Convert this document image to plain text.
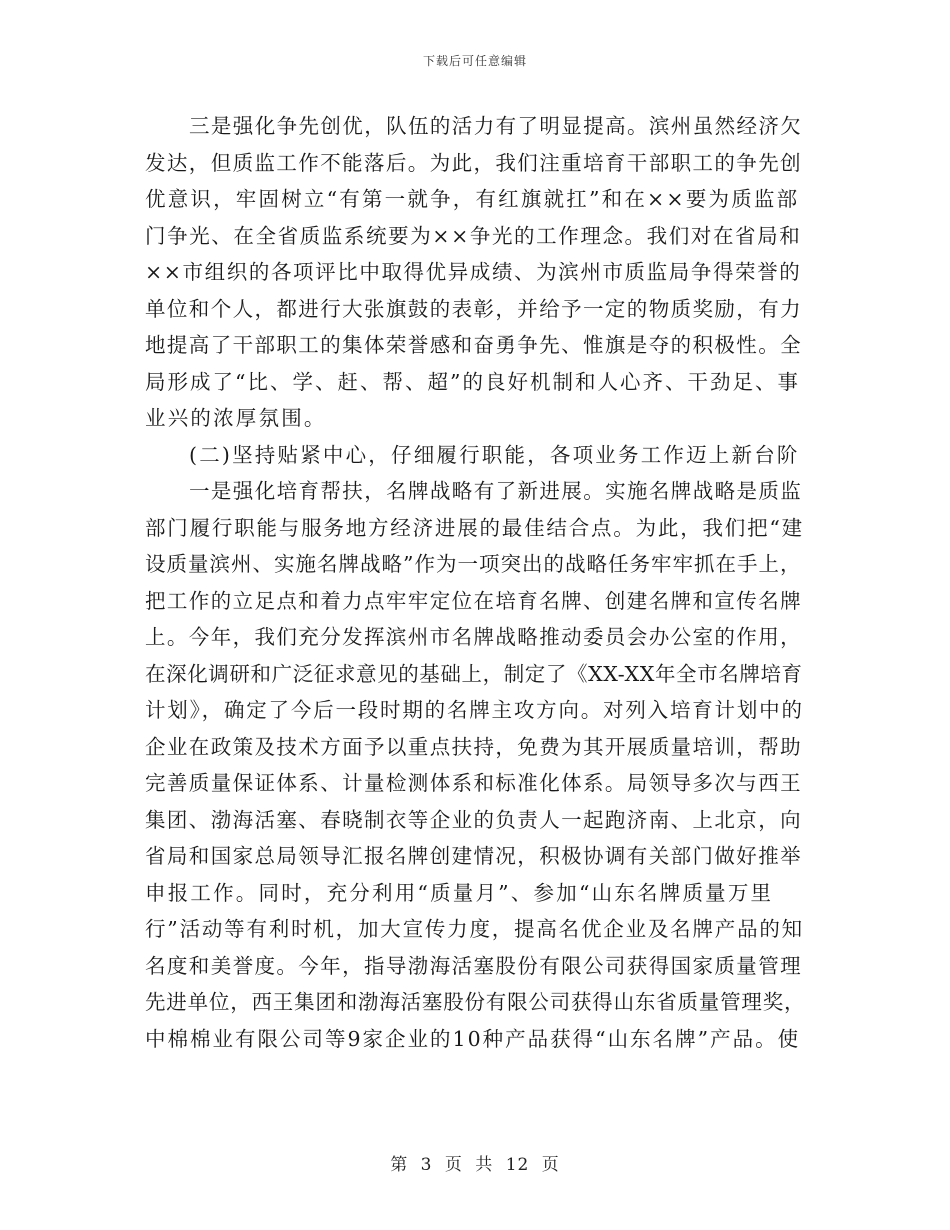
下载后可任意编辑
三是强化争先创优，队伍的活力有了明显提高。滨州虽然经济欠
发达，但质监工作不能落后。为此，我们注重培育干部职工的争先创
优意识，牢固树立“有第一就争，有红旗就扛”和在××要为质监部
门争光、在全省质监系统要为××争光的工作理念。我们对在省局和
××市组织的各项评比中取得优异成绩、为滨州市质监局争得荣誉的
单位和个人，都进行大张旗鼓的表彰，并给予一定的物质奖励，有力
地提高了干部职工的集体荣誉感和奋勇争先、惟旗是夺的积极性。全
局形成了“比、学、赶、帮、超”的良好机制和人心齐、干劲足、事
业兴的浓厚氛围。
(二)坚持贴紧中心，仔细履行职能，各项业务工作迈上新台阶
一是强化培育帮扶，名牌战略有了新进展。实施名牌战略是质监
部门履行职能与服务地方经济进展的最佳结合点。为此，我们把“建
设质量滨州、实施名牌战略”作为一项突出的战略任务牢牢抓在手上，
把工作的立足点和着力点牢牢定位在培育名牌、创建名牌和宣传名牌
上。今年，我们充分发挥滨州市名牌战略推动委员会办公室的作用，
在深化调研和广泛征求意见的基础上，制定了《XX-XX年全市名牌培育
计划》，确定了今后一段时期的名牌主攻方向。对列入培育计划中的
企业在政策及技术方面予以重点扶持，免费为其开展质量培训，帮助
完善质量保证体系、计量检测体系和标准化体系。局领导多次与西王
集团、渤海活塞、春晓制衣等企业的负责人一起跑济南、上北京，向
省局和国家总局领导汇报名牌创建情况，积极协调有关部门做好推举
申报工作。同时，充分利用“质量月”、参加“山东名牌质量万里
行”活动等有利时机，加大宣传力度，提高名优企业及名牌产品的知
名度和美誉度。今年，指导渤海活塞股份有限公司获得国家质量管理
先进单位，西王集团和渤海活塞股份有限公司获得山东省质量管理奖，
中棉棉业有限公司等9家企业的10种产品获得“山东名牌”产品。使
第 3 页 共 12 页
